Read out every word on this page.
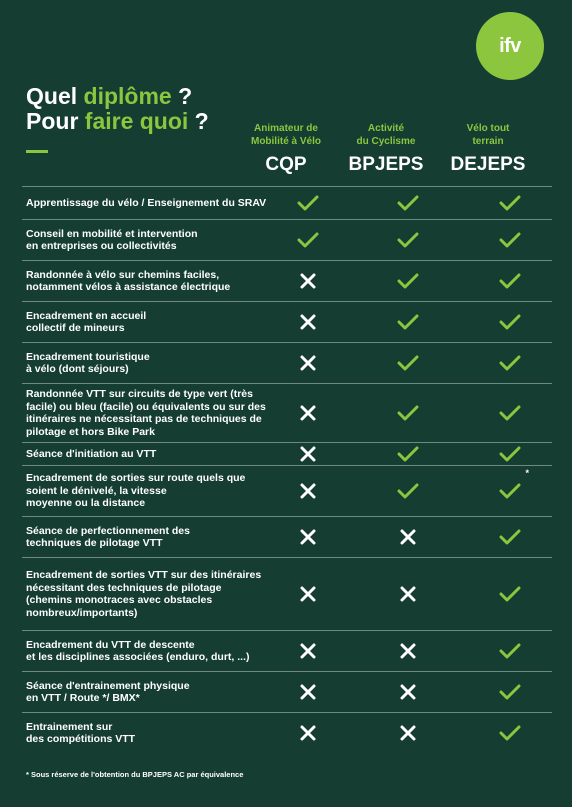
ifv
Quel diplôme ?
Pour faire quoi ?	Animateur de
Mobilité à Vélo
CQP
Activité
du Cyclisme
BPJEPS
Vélo tout
terrain
DEJEPS
Apprentissage du vélo / Enseignement du SRAV
Conseil en mobilité et intervention
en entreprises ou collectivités
Randonnée à vélo sur chemins faciles,
notamment vélos à assistance électrique
Encadrement en accueil
collectif de mineurs
Encadrement touristique
à vélo (dont séjours)
Randonnée VTT sur circuits de type vert (très
facile) ou bleu (facile) ou équivalents ou sur des
itinéraires ne nécessitant pas de techniques de
pilotage et hors Bike Park
Séance d'initiation au VTT
Encadrement de sorties sur route quels que
soient le dénivelé, la vitesse
moyenne ou la distance
*
Séance de perfectionnement des
techniques de pilotage VTT
Encadrement de sorties VTT sur des itinéraires
nécessitant des techniques de pilotage
(chemins monotraces avec obstacles
nombreux/importants)
Encadrement du VTT de descente
et les disciplines associées (enduro, durt, ...)
Séance d'entrainement physique
en VTT / Route */ BMX*
Entrainement sur
des compétitions VTT
* Sous réserve de l'obtention du BPJEPS AC par équivalence
